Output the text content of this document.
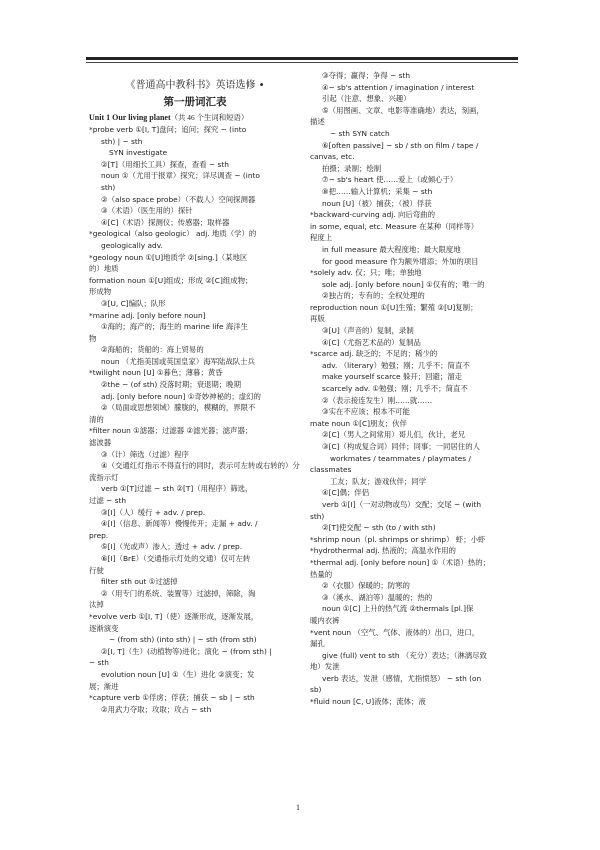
《普通高中教科书》英语选修 •
第一册词汇表
Unit 1 Our living planet（共 46 个生词和短语）
*probe verb ①[I, T]盘问；追问；探究 ~ (into
sth) | ~ sth
SYN investigate
②[T]（用细长工具）探查，查看 ~ sth
noun ①（尤用于报章）探究；详尽调查 ~ (into
sth)
②（also space probe）（不载人）空间探测器
③（术语）（医生用的）探针
④[C]（术语）探测仪；传感器；取样器
*geological（also geologic） adj. 地质（学）的
geologically adv.
*geology noun ①[U]地质学 ②[sing.]（某地区
的）地质
formation noun ①[U]组成；形成 ②[C]组成物；
形成物
③[U, C]编队；队形
*marine adj. [only before noun]
①海的；海产的；海生的 marine life 海洋生
物
②海船的；货船的：海上贸易的
noun （尤指美国或英国皇家）海军陆战队士兵
*twilight noun [U] ①暮色；薄暮；黄昏
②the ~ (of sth) 没落时期；衰退期；晚期
adj. [only before noun] ①奇妙神秘的；虚幻的
②（局面或思想领域）朦胧的，模糊的，界限不
清的
*filter noun ①滤器；过滤器 ②滤光器；滤声器；
滤波器
③（计）筛选（过滤）程序
④（交通红灯指示不得直行的同时，表示可左转或右转的）分
流指示灯
verb ①[T]过滤 ~ sth ②[T]（用程序）筛选，
过滤 ~ sth
③[I]（人）缓行 + adv. / prep.
④[I]（信息、新闻等）慢慢传开；走漏 + adv. /
prep.
⑤[I]（光或声）渗入；透过 + adv. / prep.
⑥[I]（BrE）（交通指示灯处的交通）仅可左转
行驶
filter sth out ①过滤掉
②（用专门的系统、装置等）过滤掉，筛除，淘
汰掉
*evolve verb ①[I, T]（使）逐渐形成，逐渐发展，
逐渐演变
~ (from sth) (into sth) | ~ sth (from sth)
②[I, T]（生）(动植物等)进化；演化 ~ (from sth) |
~ sth
evolution noun [U] ①（生）进化 ②演变；发
展；渐进
*capture verb ①俘虏；俘获；捕获 ~ sb | ~ sth
②用武力夺取；攻取；攻占 ~ sth
③夺得；赢得；争得 ~ sth
④~ sb's attention / imagination / interest
引起（注意、想象、兴趣）
⑤（用图画、文章、电影等准确地）表达，刻画，
描述
~ sth SYN catch
⑥[often passive] ~ sb / sth on film / tape /
canvas, etc.
拍摄；录制；绘制
⑦~ sb's heart 使……爱上（或倾心于）
⑧把……输入计算机；采集 ~ sth
noun [U]（被）捕获；（被）俘获
*backward-curving adj. 向后弯曲的
in some, equal, etc. Measure 在某种（同样等）
程度上
in full measure 最大程度地；最大限度地
for good measure 作为额外增添；外加的项目
*solely adv. 仅；只；唯；单独地
sole adj. [only before noun] ①仅有的；唯一的
②独占的；专有的；全权处理的
reproduction noun ①[U]生殖；繁殖 ②[U]复制；
再版
③[U]（声音的）复制，录制
④[C]（尤指艺术品的）复制品
*scarce adj. 缺乏的；不足的；稀少的
adv. （literary）勉强；刚；几乎不；简直不
make yourself scarce 躲开；回避；溜走
scarcely adv. ①勉强；刚；几乎不；简直不
②（表示接连发生）刚……就……
③实在不应该；根本不可能
mate noun ①[C]朋友；伙伴
②[C]（男人之间常用）哥儿们，伙计，老兄
③[C]（构成复合词）同伴；同事；一同居住的人
workmates / teammates / playmates /
classmates
工友；队友；游戏伙伴；同学
④[C]偶；伴侣
verb ①[I]（一对动物或鸟）交配；交尾 ~ (with
sth)
②[T]使交配 ~ sth (to / with sth)
*shrimp noun（pl. shrimps or shrimp） 虾；小虾
*hydrothermal adj. 热液的；高温水作用的
*thermal adj. [only before noun] ①（术语）热的；
热量的
②（衣服）保暖的；防寒的
③（溪水、湖泊等）温暖的；热的
noun ①[C] 上升的热气流 ②thermals [pl.]保
暖内衣裤
*vent noun （空气、气体、液体的）出口，进口，
漏孔
give (full) vent to sth （充分）表达；（淋漓尽致
地）发泄
verb 表达，发泄（感情，尤指愤怒） ~ sth (on
sb)
*fluid noun [C, U]液体；流体；液
1
